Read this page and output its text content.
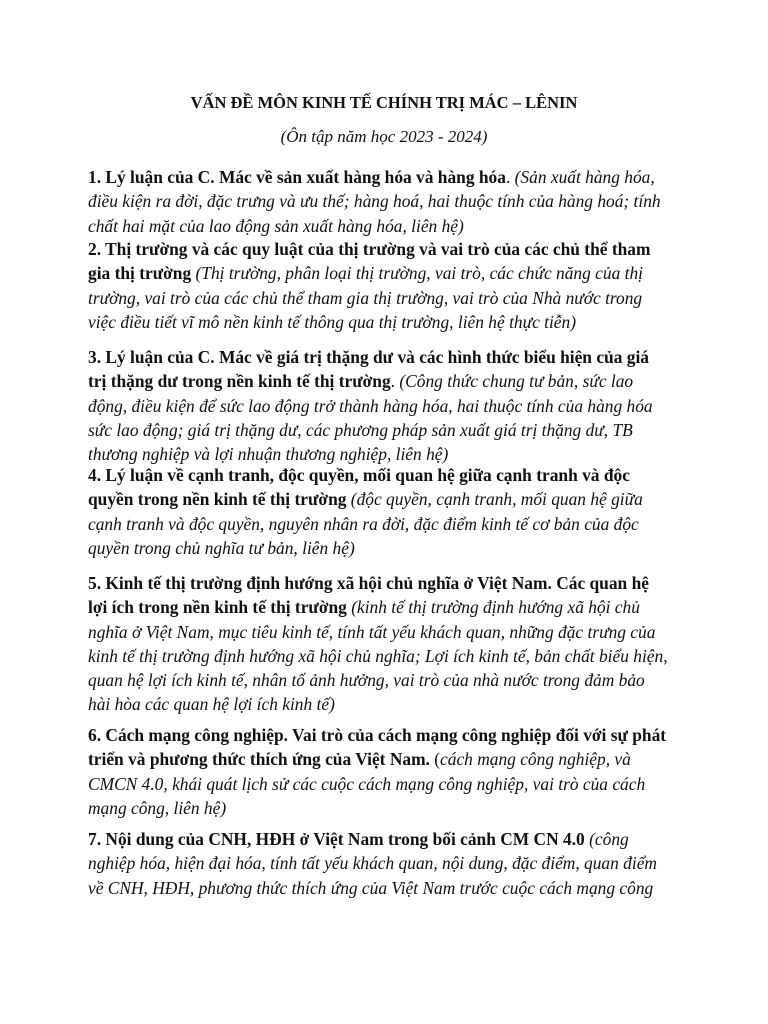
VẤN ĐỀ MÔN KINH TẾ CHÍNH TRỊ MÁC – LÊNIN
(Ôn tập năm học 2023 - 2024)
1. Lý luận của C. Mác về sản xuất hàng hóa và hàng hóa. (Sản xuất hàng hóa,
điều kiện ra đời, đặc trưng và ưu thế; hàng hoá, hai thuộc tính của hàng hoá; tính
chất hai mặt của lao động sản xuất hàng hóa, liên hệ)
2. Thị trường và các quy luật của thị trường và vai trò của các chủ thể tham
gia thị trường (Thị trường, phân loại thị trường, vai trò, các chức năng của thị
trường, vai trò của các chủ thể tham gia thị trường, vai trò của Nhà nước trong
việc điều tiết vĩ mô nền kinh tế thông qua thị trường, liên hệ thực tiễn)
3. Lý luận của C. Mác về giá trị thặng dư và các hình thức biểu hiện của giá
trị thặng dư trong nền kinh tế thị trường. (Công thức chung tư bản, sức lao
động, điều kiện để sức lao động trở thành hàng hóa, hai thuộc tính của hàng hóa
sức lao động; giá trị thặng dư, các phương pháp sản xuất giá trị thặng dư, TB
thương nghiệp và lợi nhuận thương nghiệp, liên hệ)
4. Lý luận về cạnh tranh, độc quyền, mối quan hệ giữa cạnh tranh và độc
quyền trong nền kinh tế thị trường (độc quyền, cạnh tranh, mối quan hệ giữa
cạnh tranh và độc quyền, nguyên nhân ra đời, đặc điểm kinh tế cơ bản của độc
quyền trong chủ nghĩa tư bản, liên hệ)
5. Kinh tế thị trường định hướng xã hội chủ nghĩa ở Việt Nam. Các quan hệ
lợi ích trong nền kinh tế thị trường (kinh tế thị trường định hướng xã hội chủ
nghĩa ở Việt Nam, mục tiêu kinh tế, tính tất yếu khách quan, những đặc trưng của
kinh tế thị trường định hướng xã hội chủ nghĩa; Lợi ích kinh tế, bản chất biểu hiện,
quan hệ lợi ích kinh tế, nhân tố ảnh hưởng, vai trò của nhà nước trong đảm bảo
hài hòa các quan hệ lợi ích kinh tế)
6. Cách mạng công nghiệp. Vai trò của cách mạng công nghiệp đối với sự phát
triển và phương thức thích ứng của Việt Nam. (cách mạng công nghiệp, và
CMCN 4.0, khái quát lịch sử các cuộc cách mạng công nghiệp, vai trò của cách
mạng công, liên hệ)
7. Nội dung của CNH, HĐH ở Việt Nam trong bối cảnh CM CN 4.0 (công
nghiệp hóa, hiện đại hóa, tính tất yếu khách quan, nội dung, đặc điểm, quan điểm
về CNH, HĐH, phương thức thích ứng của Việt Nam trước cuộc cách mạng công
